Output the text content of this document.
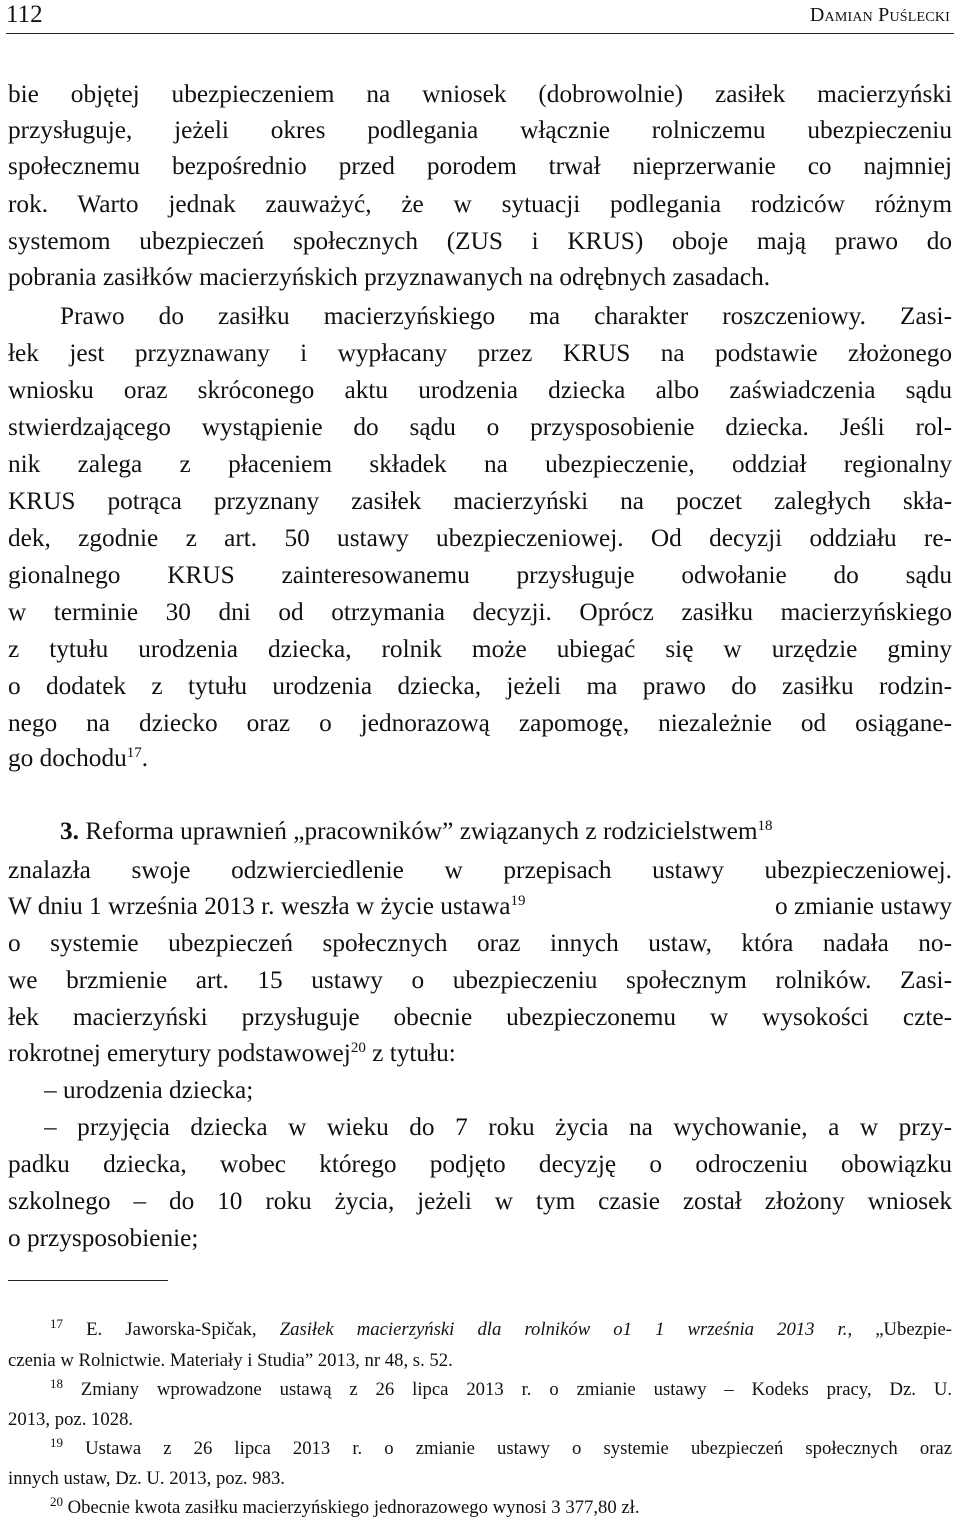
112	Damian Puślecki
bie objętej ubezpieczeniem na wniosek (dobrowolnie) zasiłek macierzyński
przysługuje, jeżeli okres podlegania włącznie rolniczemu ubezpieczeniu
społecznemu bezpośrednio przed porodem trwał nieprzerwanie co najmniej
rok. Warto jednak zauważyć, że w sytuacji podlegania rodziców różnym
systemom ubezpieczeń społecznych (ZUS i KRUS) oboje mają prawo do
pobrania zasiłków macierzyńskich przyznawanych na odrębnych zasadach.
Prawo do zasiłku macierzyńskiego ma charakter roszczeniowy. Zasi-
łek jest przyznawany i wypłacany przez KRUS na podstawie złożonego
wniosku oraz skróconego aktu urodzenia dziecka albo zaświadczenia sądu
stwierdzającego wystąpienie do sądu o przysposobienie dziecka. Jeśli rol-
nik zalega z płaceniem składek na ubezpieczenie, oddział regionalny
KRUS potrąca przyznany zasiłek macierzyński na poczet zaległych skła-
dek, zgodnie z art. 50 ustawy ubezpieczeniowej. Od decyzji oddziału re-
gionalnego KRUS zainteresowanemu przysługuje odwołanie do sądu
w terminie 30 dni od otrzymania decyzji. Oprócz zasiłku macierzyńskiego
z tytułu urodzenia dziecka, rolnik może ubiegać się w urzędzie gminy
o dodatek z tytułu urodzenia dziecka, jeżeli ma prawo do zasiłku rodzin-
nego na dziecko oraz o jednorazową zapomogę, niezależnie od osiągane-
go dochodu$^{17}$.
3. Reforma uprawnień „pracowników” związanych z rodzicielstwem$^{18}$
znalazła swoje odzwierciedlenie w przepisach ustawy ubezpieczeniowej.
W dniu 1 września 2013 r. weszła w życie ustawa$^{19}$	o zmianie ustawy
o systemie ubezpieczeń społecznych oraz innych ustaw, która nadała no-
we brzmienie art. 15 ustawy o ubezpieczeniu społecznym rolników. Zasi-
łek macierzyński przysługuje obecnie ubezpieczonemu w wysokości czte-
rokrotnej emerytury podstawowej$^{20}$ z tytułu:
– urodzenia dziecka;
– przyjęcia dziecka w wieku do 7 roku życia na wychowanie, a w przy-
padku dziecka, wobec którego podjęto decyzję o odroczeniu obowiązku
szkolnego – do 10 roku życia, jeżeli w tym czasie został złożony wniosek
o przysposobienie;
$^{17}$ E. Jaworska-Spičak, Zasiłek macierzyński dla rolników o1 1 września 2013 r., „Ubezpie-
czenia w Rolnictwie. Materiały i Studia” 2013, nr 48, s. 52.
$^{18}$ Zmiany wprowadzone ustawą z 26 lipca 2013 r. o zmianie ustawy – Kodeks pracy, Dz. U.
2013, poz. 1028.
$^{19}$ Ustawa z 26 lipca 2013 r. o zmianie ustawy o systemie ubezpieczeń społecznych oraz
innych ustaw, Dz. U. 2013, poz. 983.
$^{20}$ Obecnie kwota zasiłku macierzyńskiego jednorazowego wynosi 3 377,80 zł.
